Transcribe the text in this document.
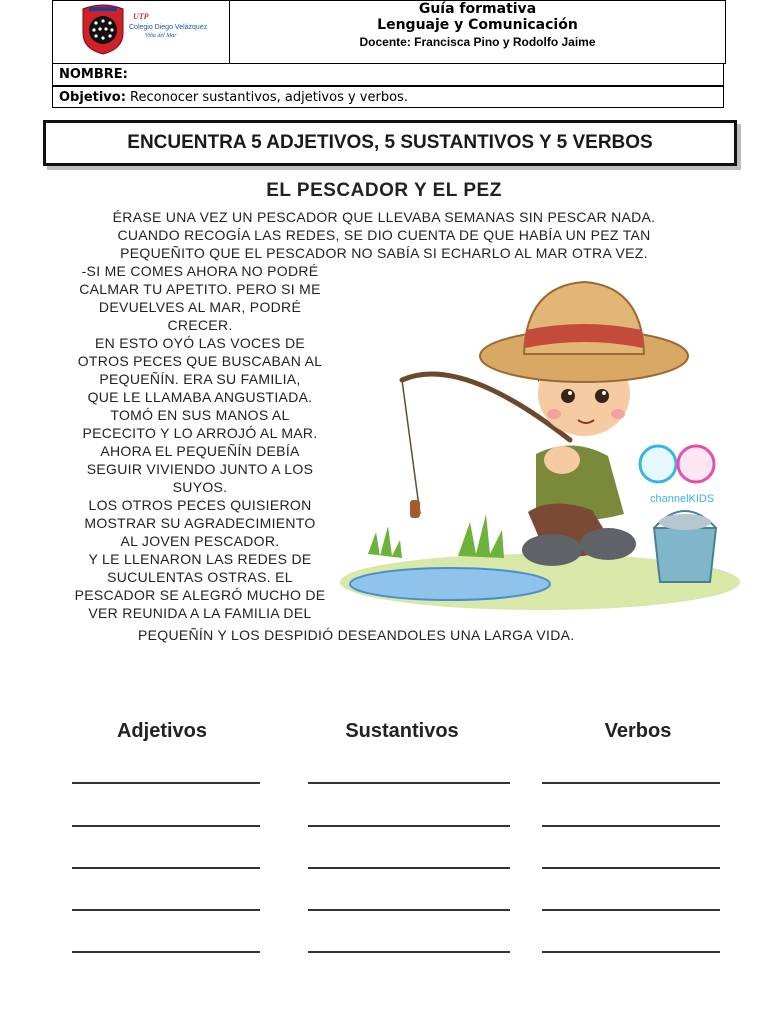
UTP
Colegio Diego Velázquez
Viña del Mar
Guía formativa
Lenguaje y Comunicación
Docente: Francisca Pino y Rodolfo Jaime
NOMBRE:
Objetivo: Reconocer sustantivos, adjetivos y verbos.
ENCUENTRA 5 ADJETIVOS, 5 SUSTANTIVOS Y 5 VERBOS
EL PESCADOR Y EL PEZ
ÉRASE UNA VEZ UN PESCADOR QUE LLEVABA SEMANAS SIN PESCAR NADA.
CUANDO RECOGÍA LAS REDES, SE DIO CUENTA DE QUE HABÍA UN PEZ TAN
PEQUEÑITO QUE EL PESCADOR NO SABÍA SI ECHARLO AL MAR OTRA VEZ.
-SI ME COMES AHORA NO PODRÉ
CALMAR TU APETITO. PERO SI ME
DEVUELVES AL MAR, PODRÉ
CRECER.
EN ESTO OYÓ LAS VOCES DE
OTROS PECES QUE BUSCABAN AL
PEQUEÑÍN. ERA SU FAMILIA,
QUE LE LLAMABA ANGUSTIADA.
TOMÓ EN SUS MANOS AL
PECECITO Y LO ARROJÓ AL MAR.
AHORA EL PEQUEÑÍN DEBÍA
SEGUIR VIVIENDO JUNTO A LOS
SUYOS.
LOS OTROS PECES QUISIERON
MOSTRAR SU AGRADECIMIENTO
AL JOVEN PESCADOR.
Y LE LLENARON LAS REDES DE
SUCULENTAS OSTRAS. EL
PESCADOR SE ALEGRÓ MUCHO DE
VER REUNIDA A LA FAMILIA DEL
PEQUEÑÍN Y LOS DESPIDIÓ DESEANDOLES UNA LARGA VIDA.
channelKIDS
Adjetivos	Sustantivos	Verbos
